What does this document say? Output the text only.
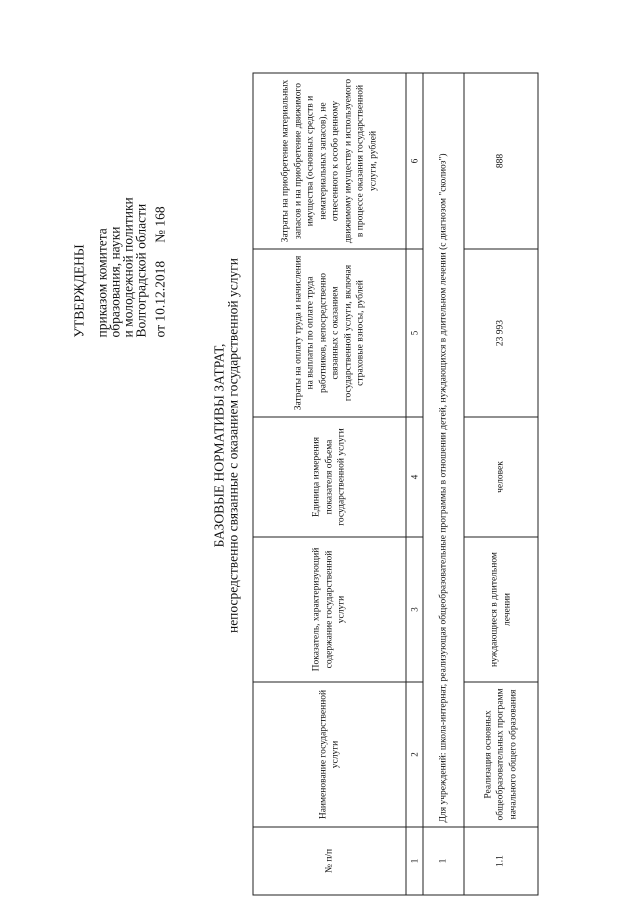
УТВЕРЖДЕНЫ приказом комитета
образования, науки
и молодежной политики
Волгоградской области от 10.12.2018№ 168
БАЗОВЫЕ НОРМАТИВЫ ЗАТРАТ, непосредственно связанные с оказанием государственной услуги
№ п/п	Наименование государственной услуги	Показатель, характеризующий содержание государственной услуги	Единица измерения показателя объема государственной услуги	Затраты на оплату труда и начисления на выплаты по оплате труда работников, непосредственно связанных с оказанием государственной услуги, включая страховые взносы, рублей	Затраты на приобретение материальных запасов и на приобретение движимого имущества (основных средств и нематериальных запасов), не отнесенного к особо ценному движимому имуществу и используемого в процессе оказания государственной услуги, рублей
1	2	3	4	5	6
1	Для учреждений: школа-интернат, реализующая общеобразовательные программы в отношении детей, нуждающихся в длительном лечении (с диагнозом "сколиоз")				
1.1	Реализация основных общеобразовательных программ начального общего образования	нуждающиеся в длительном лечении	человек	23 993	888
